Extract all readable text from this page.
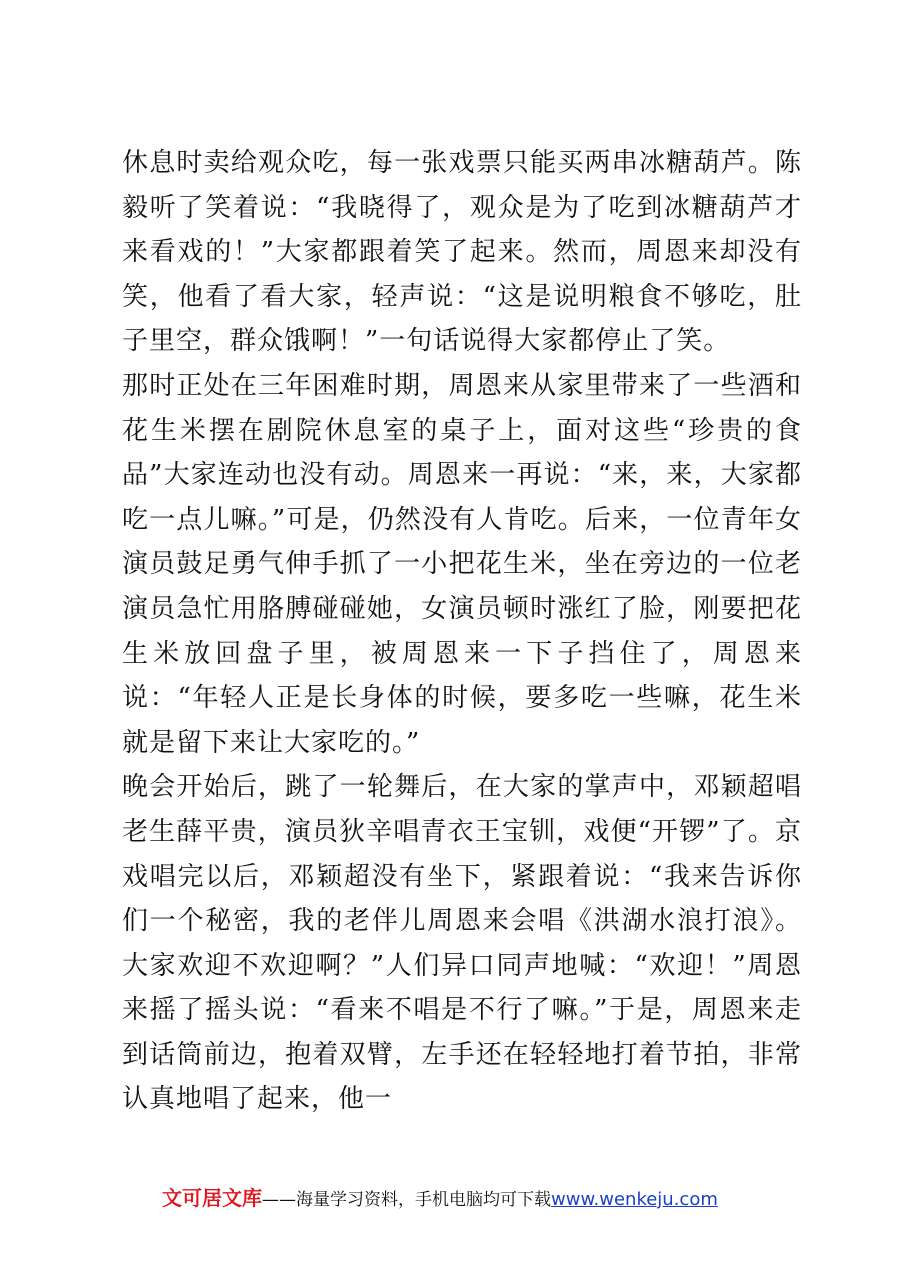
休息时卖给观众吃，每一张戏票只能买两串冰糖葫芦。陈毅听了笑着说：“我晓得了，观众是为了吃到冰糖葫芦才来看戏的！”大家都跟着笑了起来。然而，周恩来却没有笑，他看了看大家，轻声说：“这是说明粮食不够吃，肚子里空，群众饿啊！”一句话说得大家都停止了笑。

那时正处在三年困难时期，周恩来从家里带来了一些酒和花生米摆在剧院休息室的桌子上，面对这些“珍贵的食品”大家连动也没有动。周恩来一再说：“来，来，大家都吃一点儿嘛。”可是，仍然没有人肯吃。后来，一位青年女演员鼓足勇气伸手抓了一小把花生米，坐在旁边的一位老演员急忙用胳膊碰碰她，女演员顿时涨红了脸，刚要把花生米放回盘子里，被周恩来一下子挡住了，周恩来说：“年轻人正是长身体的时候，要多吃一些嘛，花生米就是留下来让大家吃的。”

晚会开始后，跳了一轮舞后，在大家的掌声中，邓颖超唱老生薛平贵，演员狄辛唱青衣王宝钏，戏便“开锣”了。京戏唱完以后，邓颖超没有坐下，紧跟着说：“我来告诉你们一个秘密，我的老伴儿周恩来会唱《洪湖水浪打浪》。大家欢迎不欢迎啊？”人们异口同声地喊：“欢迎！”周恩来摇了摇头说：“看来不唱是不行了嘛。”于是，周恩来走到话筒前边，抱着双臂，左手还在轻轻地打着节拍，非常认真地唱了起来，他一

文可居文库——海量学习资料，手机电脑均可下载www.wenkeju.com
